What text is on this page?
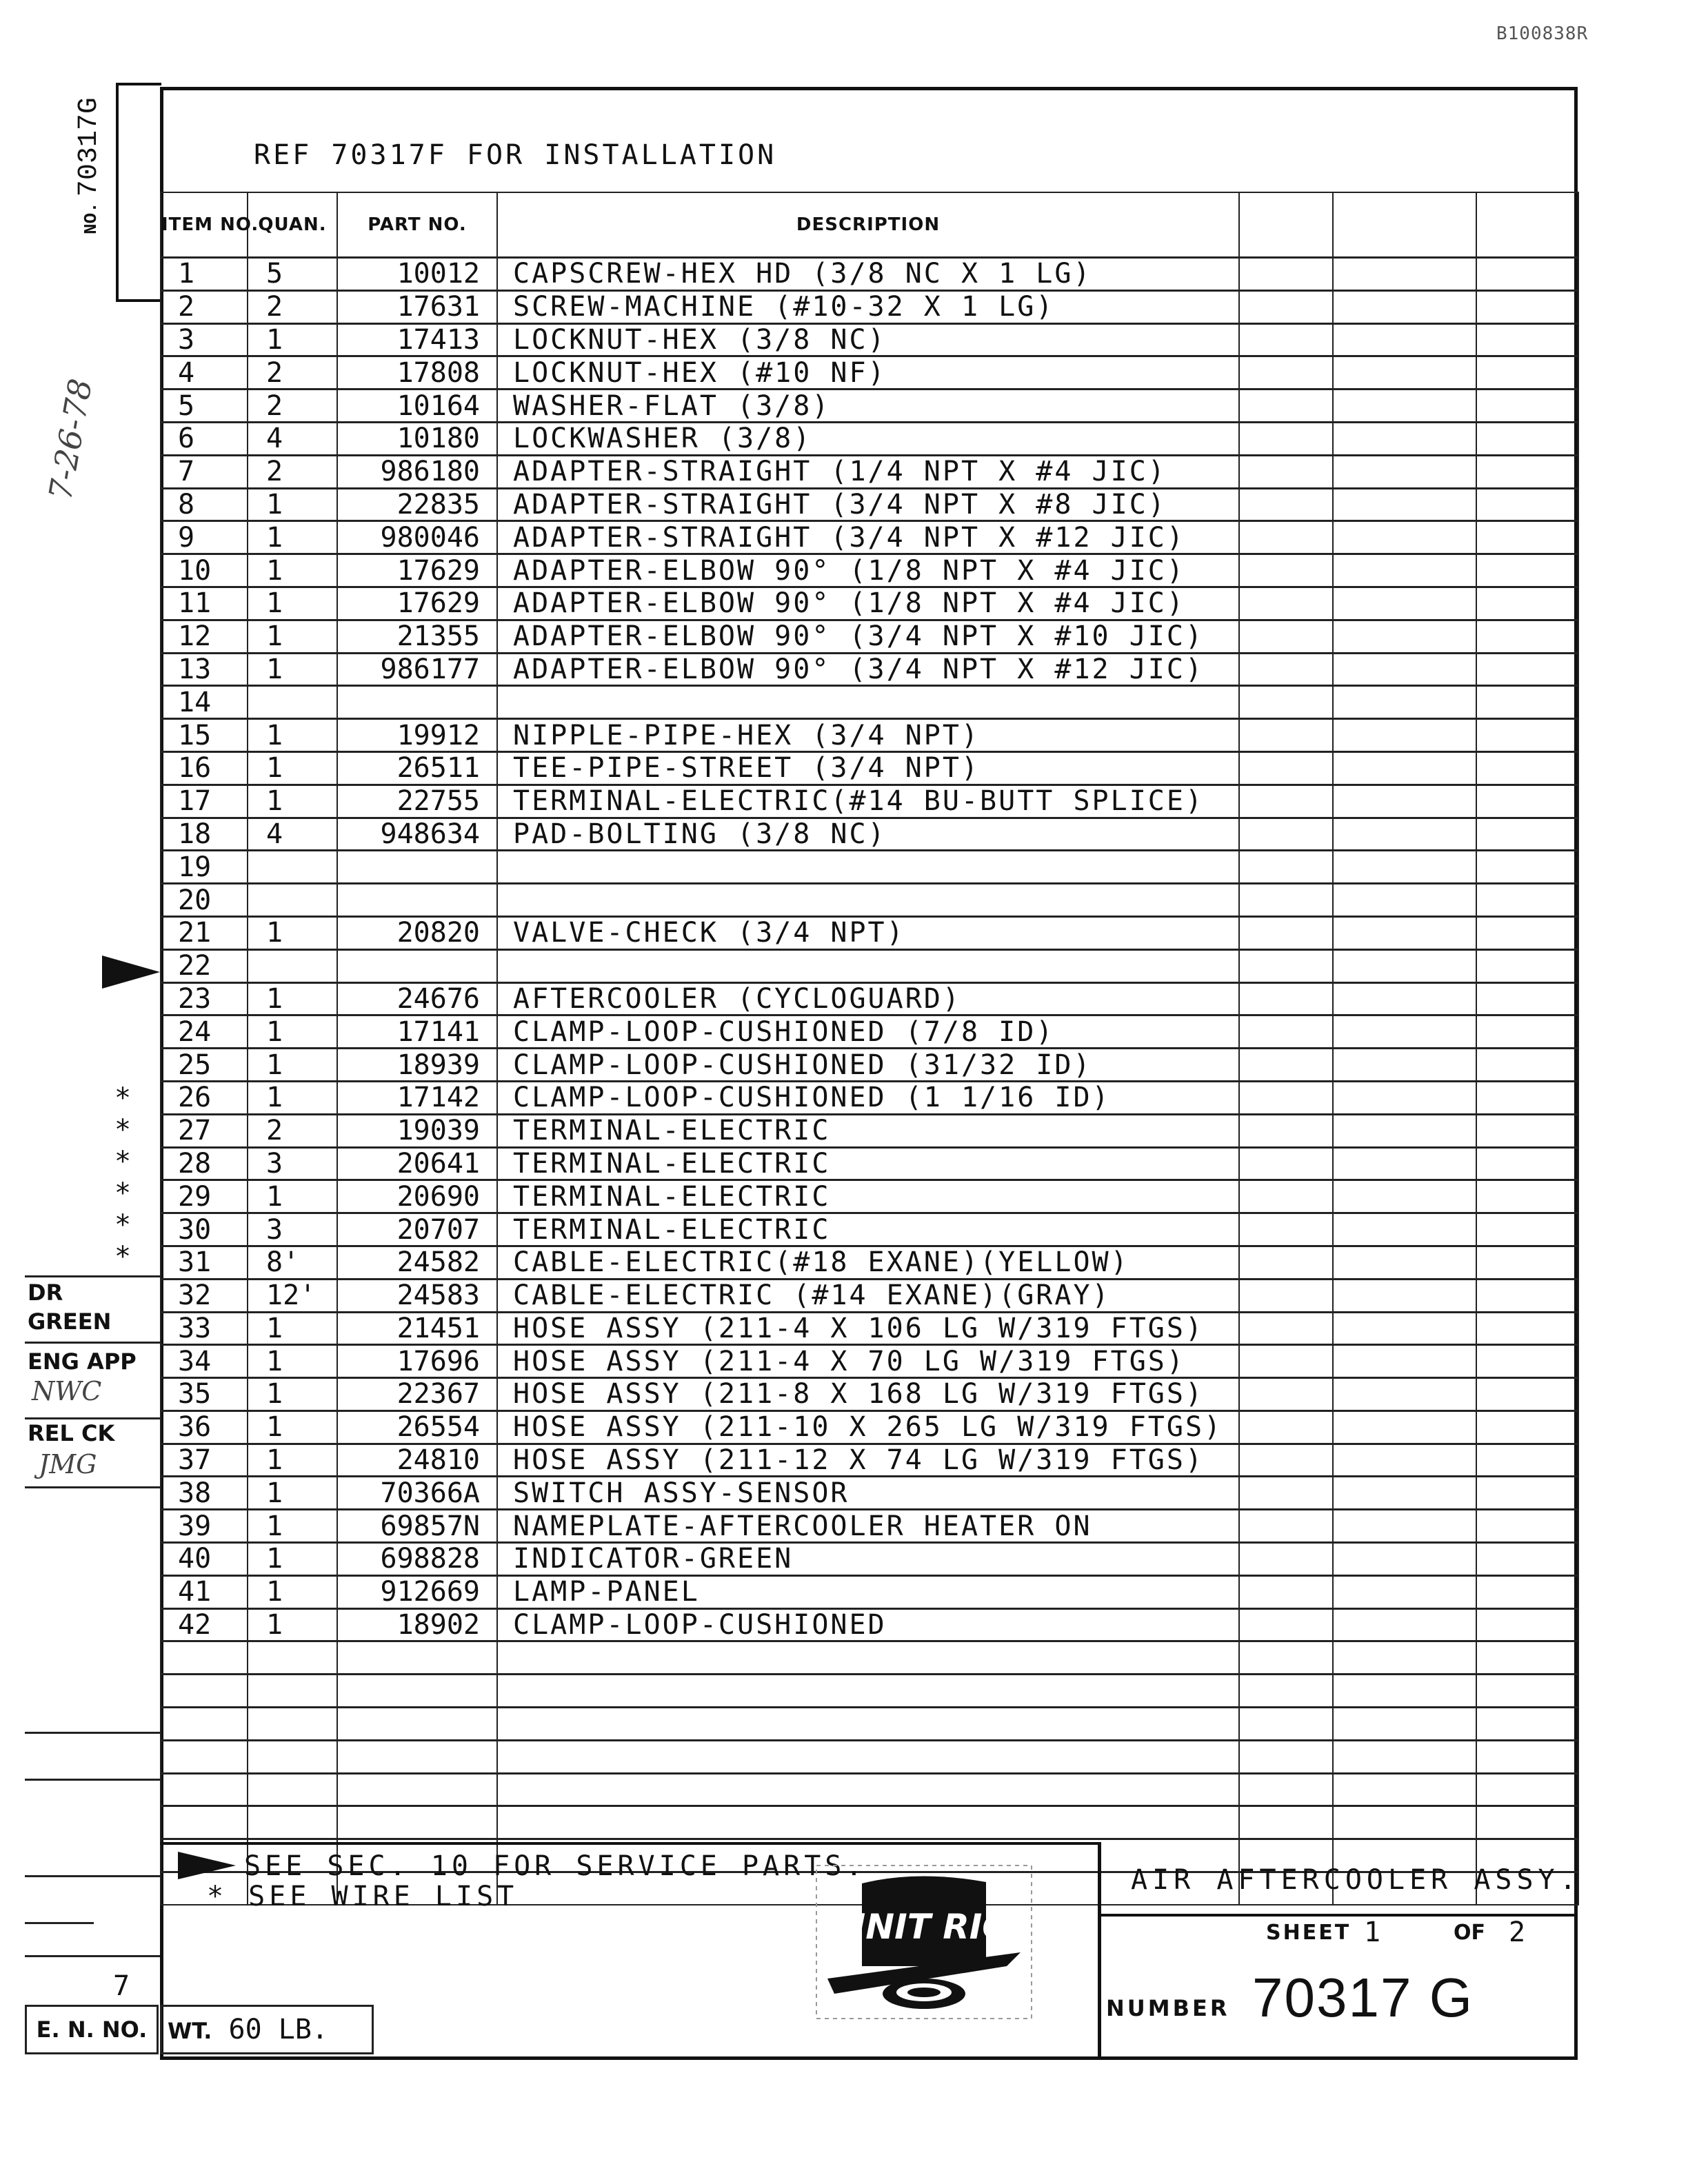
B100838R
NO.70317G
7-26-78
REF 70317F FOR INSTALLATION
ITEM NO.	QUAN.	PART NO.	DESCRIPTION			
1	5	10012	CAPSCREW-HEX HD (3/8 NC X 1 LG)			
2	2	17631	SCREW-MACHINE (#10-32 X 1 LG)			
3	1	17413	LOCKNUT-HEX (3/8 NC)			
4	2	17808	LOCKNUT-HEX (#10 NF)			
5	2	10164	WASHER-FLAT (3/8)			
6	4	10180	LOCKWASHER (3/8)			
7	2	986180	ADAPTER-STRAIGHT (1/4 NPT X #4 JIC)			
8	1	22835	ADAPTER-STRAIGHT (3/4 NPT X #8 JIC)			
9	1	980046	ADAPTER-STRAIGHT (3/4 NPT X #12 JIC)			
10	1	17629	ADAPTER-ELBOW 90° (1/8 NPT X #4 JIC)			
11	1	17629	ADAPTER-ELBOW 90° (1/8 NPT X #4 JIC)			
12	1	21355	ADAPTER-ELBOW 90° (3/4 NPT X #10 JIC)			
13	1	986177	ADAPTER-ELBOW 90° (3/4 NPT X #12 JIC)			
14						
15	1	19912	NIPPLE-PIPE-HEX (3/4 NPT)			
16	1	26511	TEE-PIPE-STREET (3/4 NPT)			
17	1	22755	TERMINAL-ELECTRIC(#14 BU-BUTT SPLICE)			
18	4	948634	PAD-BOLTING (3/8 NC)			
19						
20						
21	1	20820	VALVE-CHECK (3/4 NPT)			
22						
23	1	24676	AFTERCOOLER (CYCLOGUARD)			
24	1	17141	CLAMP-LOOP-CUSHIONED (7/8 ID)			
25	1	18939	CLAMP-LOOP-CUSHIONED (31/32 ID)			
26	1	17142	CLAMP-LOOP-CUSHIONED (1 1/16 ID)			
27	2	19039	TERMINAL-ELECTRIC			
28	3	20641	TERMINAL-ELECTRIC			
29	1	20690	TERMINAL-ELECTRIC			
30	3	20707	TERMINAL-ELECTRIC			
31	8'	24582	CABLE-ELECTRIC(#18 EXANE)(YELLOW)			
32	12'	24583	CABLE-ELECTRIC (#14 EXANE)(GRAY)			
33	1	21451	HOSE ASSY (211-4 X 106 LG W/319 FTGS)			
34	1	17696	HOSE ASSY (211-4 X 70 LG W/319 FTGS)			
35	1	22367	HOSE ASSY (211-8 X 168 LG W/319 FTGS)			
36	1	26554	HOSE ASSY (211-10 X 265 LG W/319 FTGS)			
37	1	24810	HOSE ASSY (211-12 X 74 LG W/319 FTGS)			
38	1	70366A	SWITCH ASSY-SENSOR			
39	1	69857N	NAMEPLATE-AFTERCOOLER HEATER ON			
40	1	698828	INDICATOR-GREEN			
41	1	912669	LAMP-PANEL			
42	1	18902	CLAMP-LOOP-CUSHIONED			

*
*
*
*
*
*
DR
GREEN
ENG APP
NWC
REL CK
JMG
7
E. N. NO. WT. 60 LB.
SEE SEC. 10 FOR SERVICE PARTS.
* SEE WIRE LIST
UNIT RIG
AIR AFTERCOOLER ASSY.
SHEET 1	OF 2
NUMBER 70317 G
